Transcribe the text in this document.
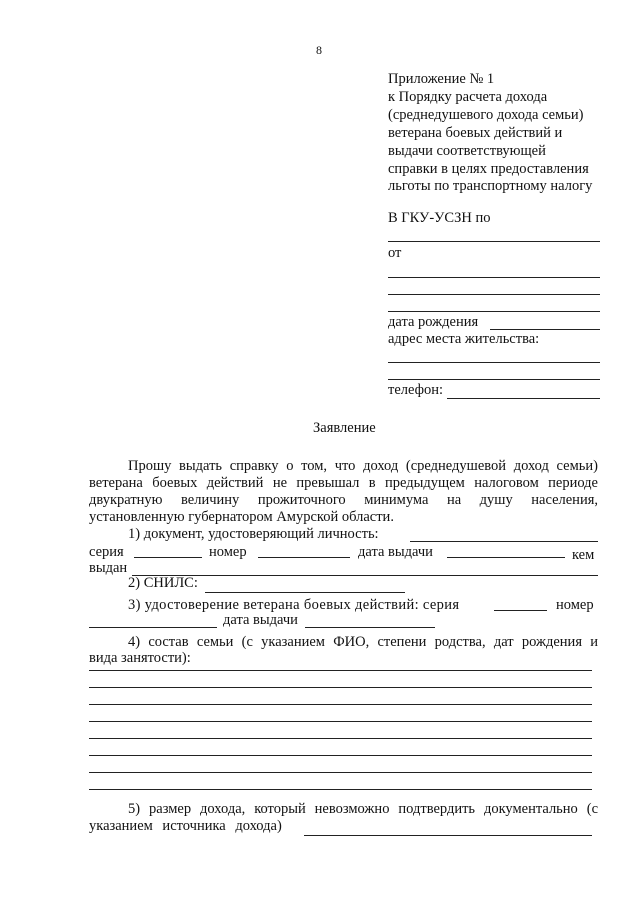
8
Приложение № 1
к Порядку расчета дохода
(среднедушевого дохода семьи)
ветерана боевых действий и
выдачи соответствующей
справки в целях предоставления
льготы по транспортному налогу
В ГКУ-УСЗН по
от
дата рождения
адрес места жительства:
телефон:
Заявление
Прошу выдать справку о том, что доход (среднедушевой доход семьи)
ветерана боевых действий не превышал в предыдущем налоговом периоде
двукратную величину прожиточного минимума на душу населения,
установленную губернатором Амурской области.
1) документ, удостоверяющий личность:
серия	номер	дата выдачи	кем
выдан
2) СНИЛС:
3) удостоверение ветерана боевых действий: серия	номер
дата выдачи
4) состав семьи (с указанием ФИО, степени родства, дат рождения и
вида занятости):
5) размер дохода, который невозможно подтвердить документально (с
указанием источника дохода)
